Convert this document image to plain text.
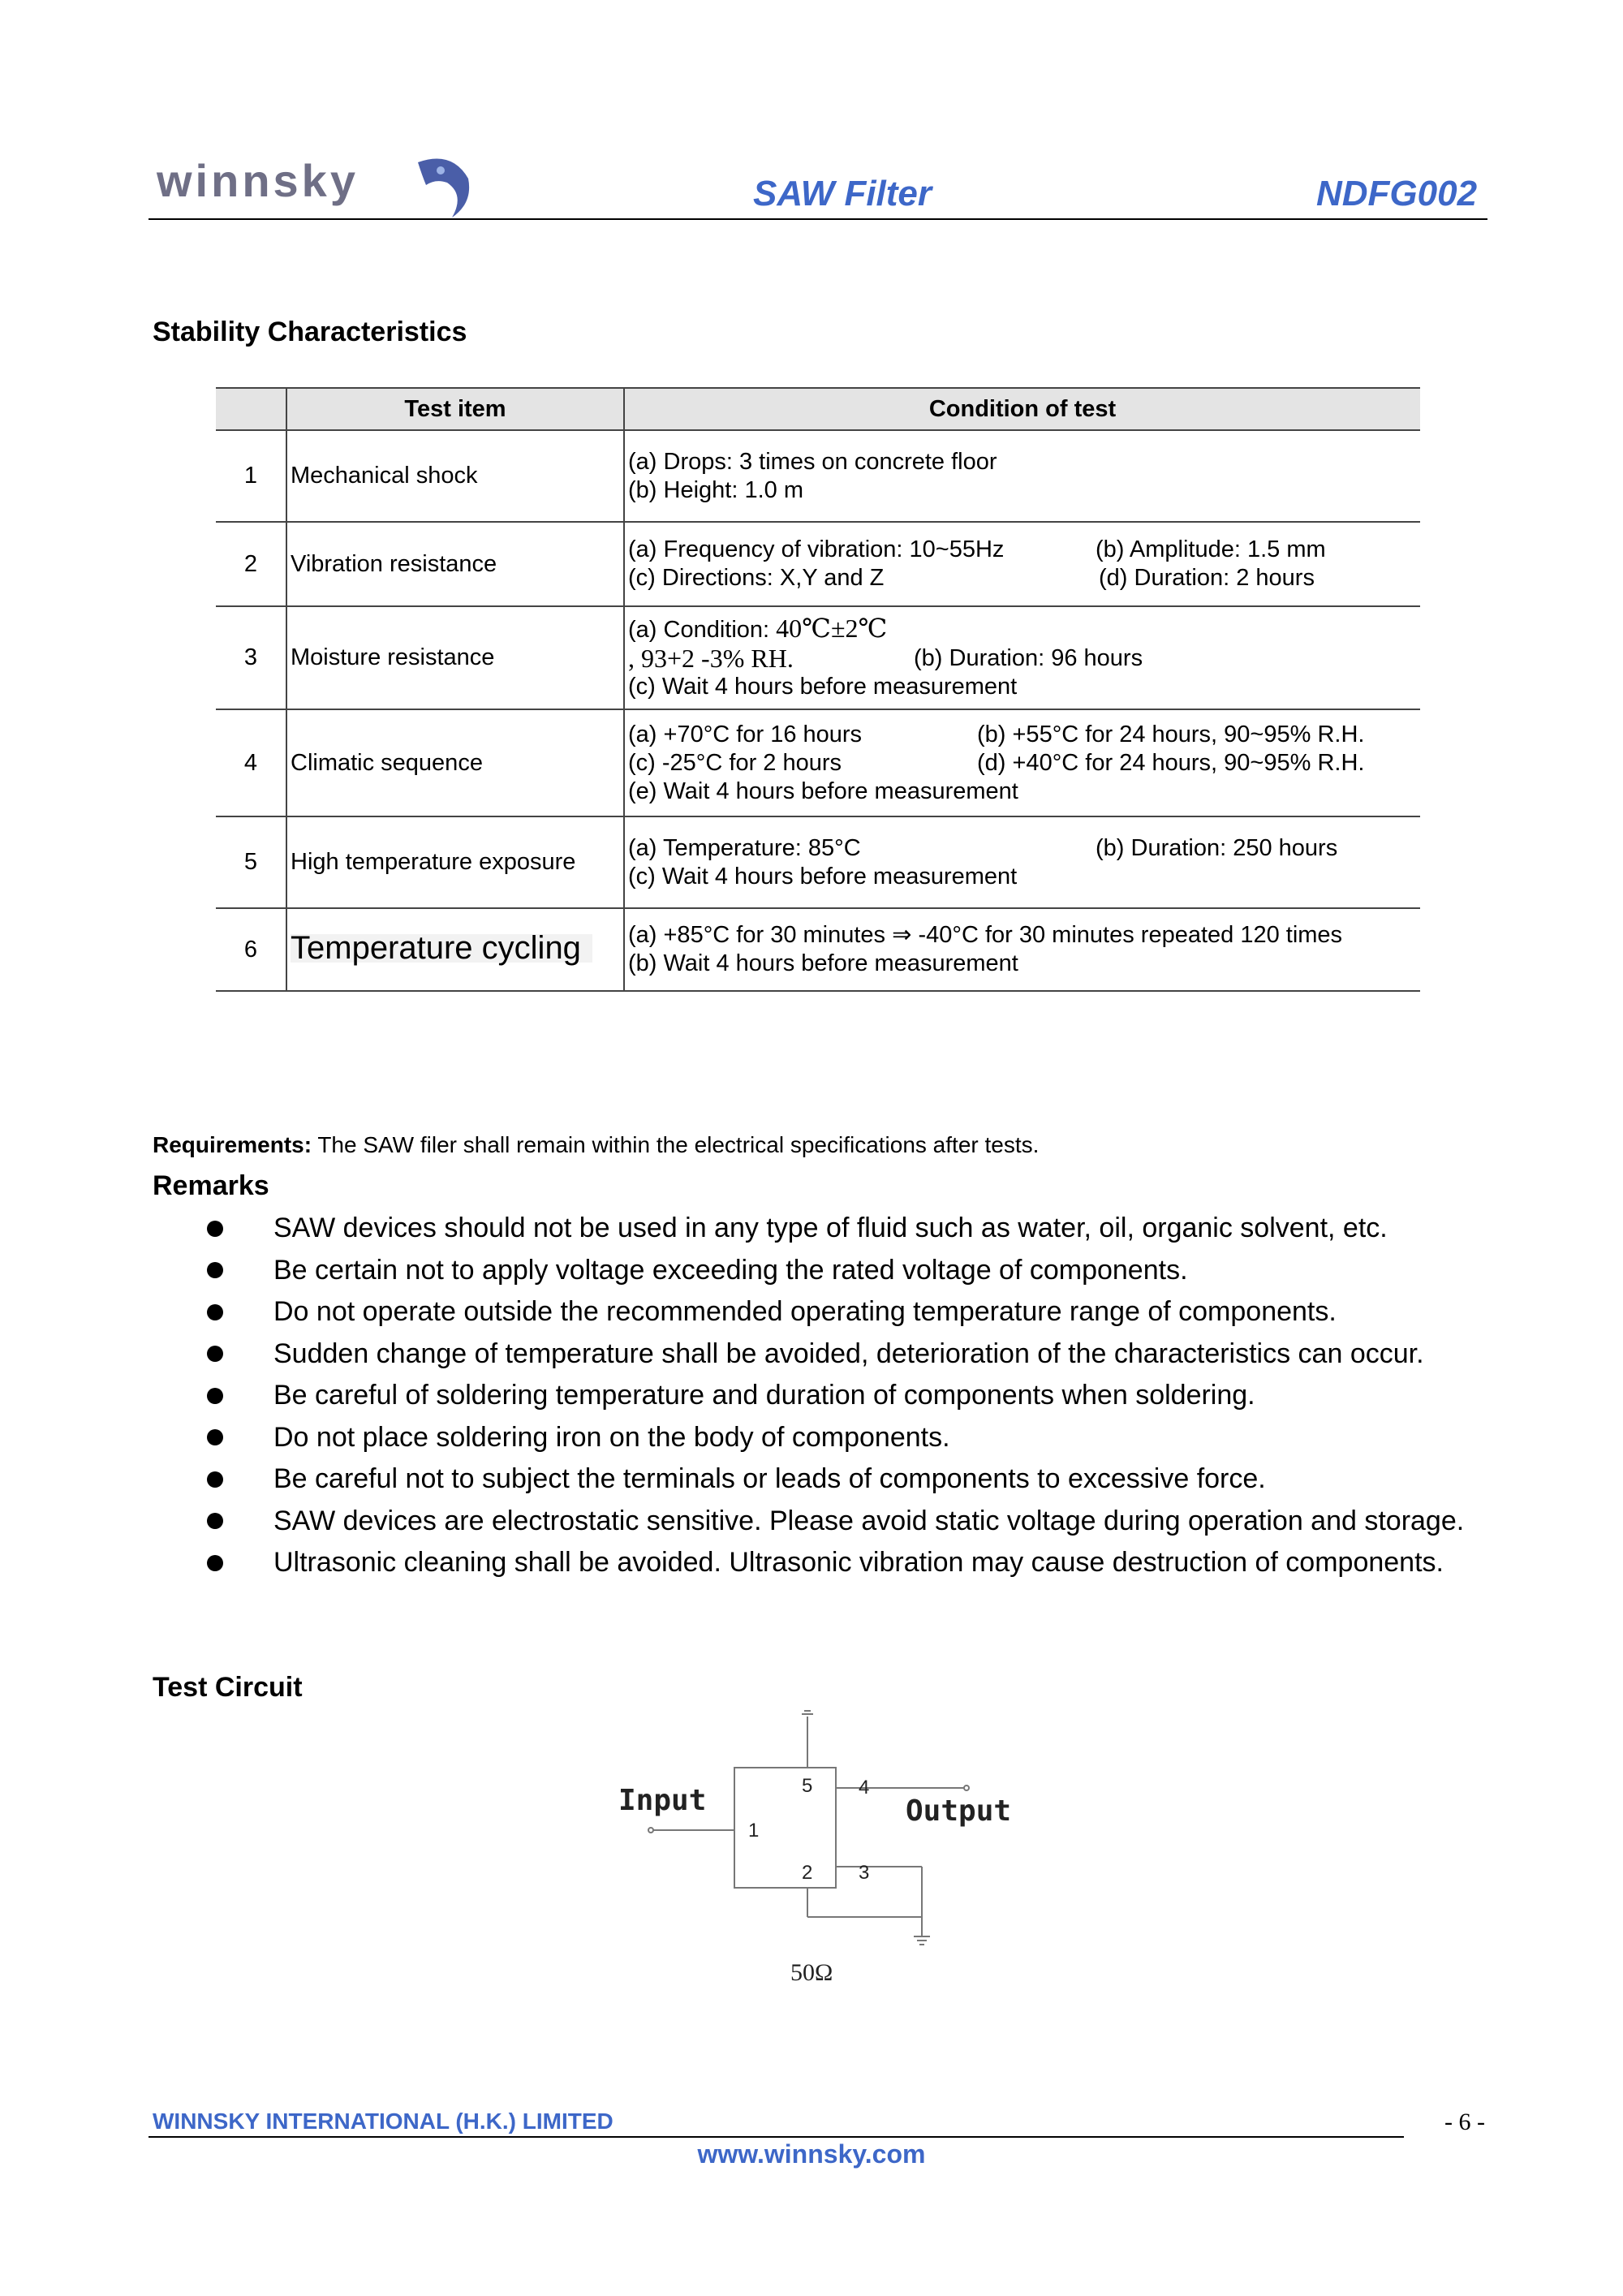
winnsky	SAW Filter	NDFG002
Stability Characteristics
	Test item	Condition of test
1	Mechanical shock	(a) Drops: 3 times on concrete floor
(b) Height: 1.0 m

2	Vibration resistance	(a) Frequency of vibration: 10~55Hz (b) Amplitude: 1.5 mm
(c) Directions: X,Y and Z (d) Duration: 2 hours

3	Moisture resistance	(a) Condition: 40℃±2℃
, 93+2 -3% RH. (b) Duration: 96 hours
(c) Wait 4 hours before measurement

4	Climatic sequence	(a) +70°C for 16 hours (b) +55°C for 24 hours, 90~95% R.H.
(c) -25°C for 2 hours (d) +40°C for 24 hours, 90~95% R.H.
(e) Wait 4 hours before measurement

5	High temperature exposure	(a) Temperature: 85°C (b) Duration: 250 hours
(c) Wait 4 hours before measurement

6	Temperature cycling	(a) +85°C for 30 minutes ⇒ -40°C for 30 minutes repeated 120 times
(b) Wait 4 hours before measurement
Requirements: The SAW filer shall remain within the electrical specifications after tests.
Remarks
SAW devices should not be used in any type of fluid such as water, oil, organic solvent, etc.
Be certain not to apply voltage exceeding the rated voltage of components.
Do not operate outside the recommended operating temperature range of components.
Sudden change of temperature shall be avoided, deterioration of the characteristics can occur.
Be careful of soldering temperature and duration of components when soldering.
Do not place soldering iron on the body of components.
Be careful not to subject the terminals or leads of components to excessive force.
SAW devices are electrostatic sensitive. Please avoid static voltage during operation and storage.
Ultrasonic cleaning shall be avoided. Ultrasonic vibration may cause destruction of components.
Test Circuit
Input	Output
1
2 3
4
5
50Ω
WINNSKY INTERNATIONAL (H.K.) LIMITED	- 6 -
www.winnsky.com
